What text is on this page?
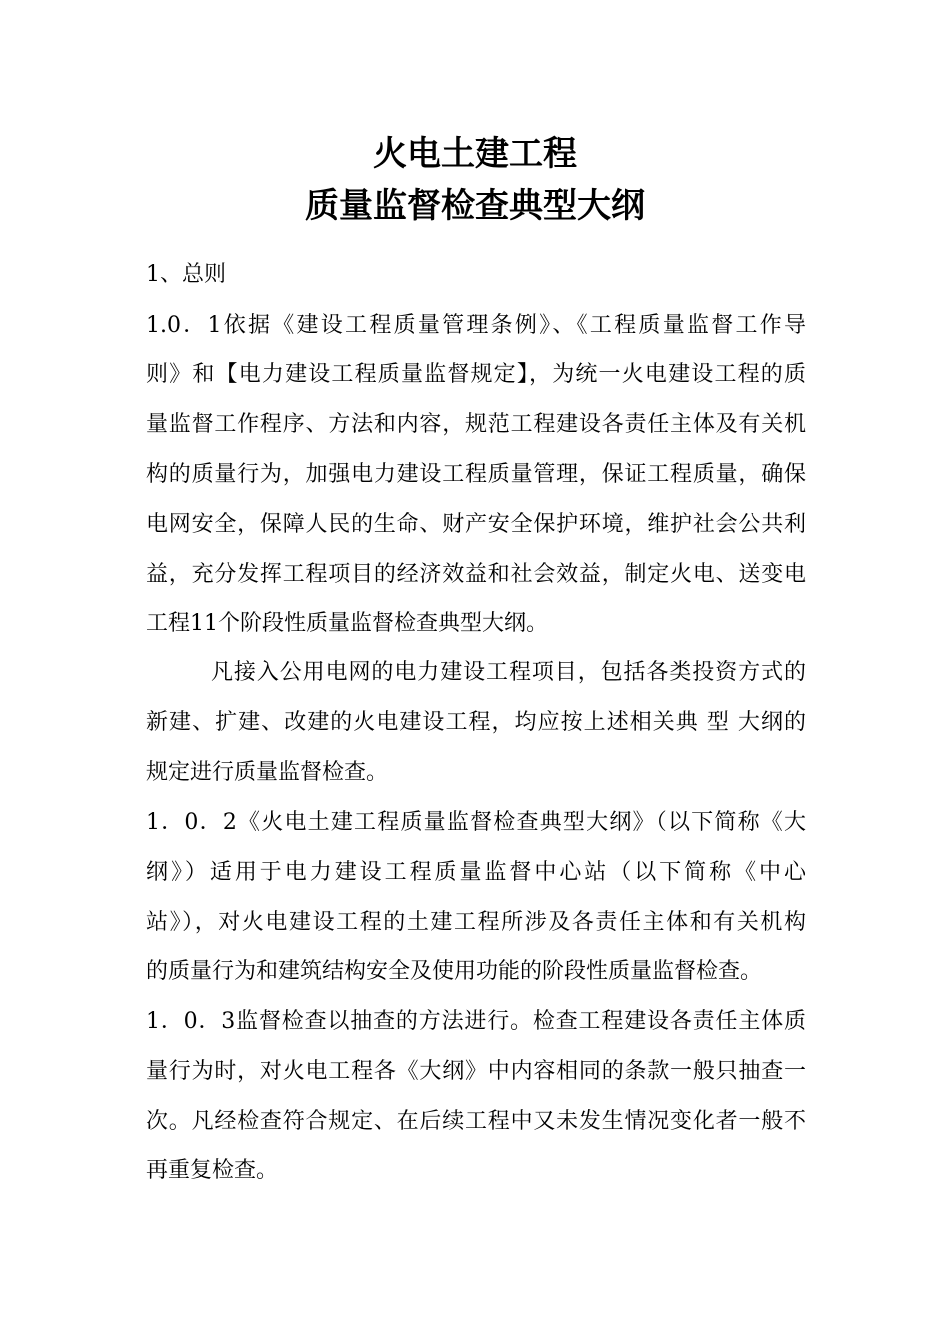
火电土建工程
质量监督检查典型大纲
1、总则
1.0．1依据《建设工程质量管理条例》、《工程质量监督工作导
则》和【电力建设工程质量监督规定】，为统一火电建设工程的质
量监督工作程序、方法和内容，规范工程建设各责任主体及有关机
构的质量行为，加强电力建设工程质量管理，保证工程质量，确保
电网安全，保障人民的生命、财产安全保护环境，维护社会公共利
益，充分发挥工程项目的经济效益和社会效益，制定火电、送变电
工程11个阶段性质量监督检查典型大纲。
凡接入公用电网的电力建设工程项目，包括各类投资方式的
新建、扩建、改建的火电建设工程，均应按上述相关典 型 大纲的
规定进行质量监督检查。
1．0．2《火电土建工程质量监督检查典型大纲》（以下简称《大
纲》）适用于电力建设工程质量监督中心站（以下简称《中心
站》），对火电建设工程的土建工程所涉及各责任主体和有关机构
的质量行为和建筑结构安全及使用功能的阶段性质量监督检查。
1．0．3监督检查以抽查的方法进行。检查工程建设各责任主体质
量行为时，对火电工程各《大纲》中内容相同的条款一般只抽查一
次。凡经检查符合规定、在后续工程中又未发生情况变化者一般不
再重复检查。
